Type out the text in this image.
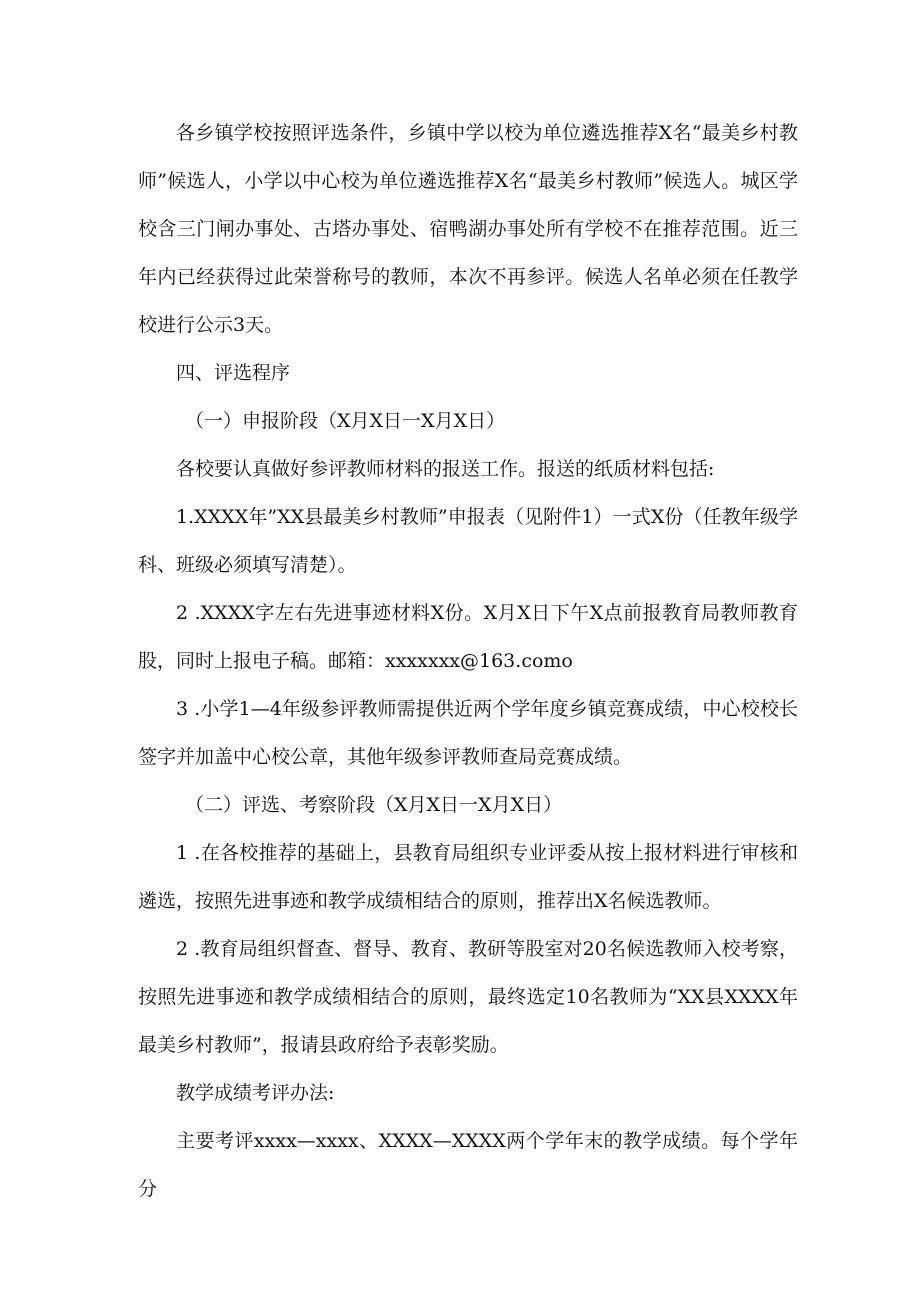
各乡镇学校按照评选条件，乡镇中学以校为单位遴选推荐X名“最美乡村教师”候选人，小学以中心校为单位遴选推荐X名“最美乡村教师”候选人。城区学校含三门闸办事处、古塔办事处、宿鸭湖办事处所有学校不在推荐范围。近三年内已经获得过此荣誉称号的教师，本次不再参评。候选人名单必须在任教学校进行公示3天。

四、评选程序

（一）申报阶段（X月X日一X月X日）

各校要认真做好参评教师材料的报送工作。报送的纸质材料包括:

1.XXXX年”XX县最美乡村教师”申报表（见附件1）一式X份（任教年级学科、班级必须填写清楚）。

2 .XXXX字左右先进事迹材料X份。X月X日下午X点前报教育局教师教育股，同时上报电子稿。邮箱：xxxxxxx@163.como

3 .小学1—4年级参评教师需提供近两个学年度乡镇竞赛成绩，中心校校长签字并加盖中心校公章，其他年级参评教师查局竞赛成绩。

（二）评选、考察阶段（X月X日一X月X日）

1 .在各校推荐的基础上，县教育局组织专业评委从按上报材料进行审核和遴选，按照先进事迹和教学成绩相结合的原则，推荐出X名候选教师。

2 .教育局组织督查、督导、教育、教研等股室对20名候选教师入校考察，按照先进事迹和教学成绩相结合的原则，最终选定10名教师为“XX县XXXX年最美乡村教师”，报请县政府给予表彰奖励。

教学成绩考评办法:

主要考评xxxx—xxxx、XXXX—XXXX两个学年末的教学成绩。每个学年分
